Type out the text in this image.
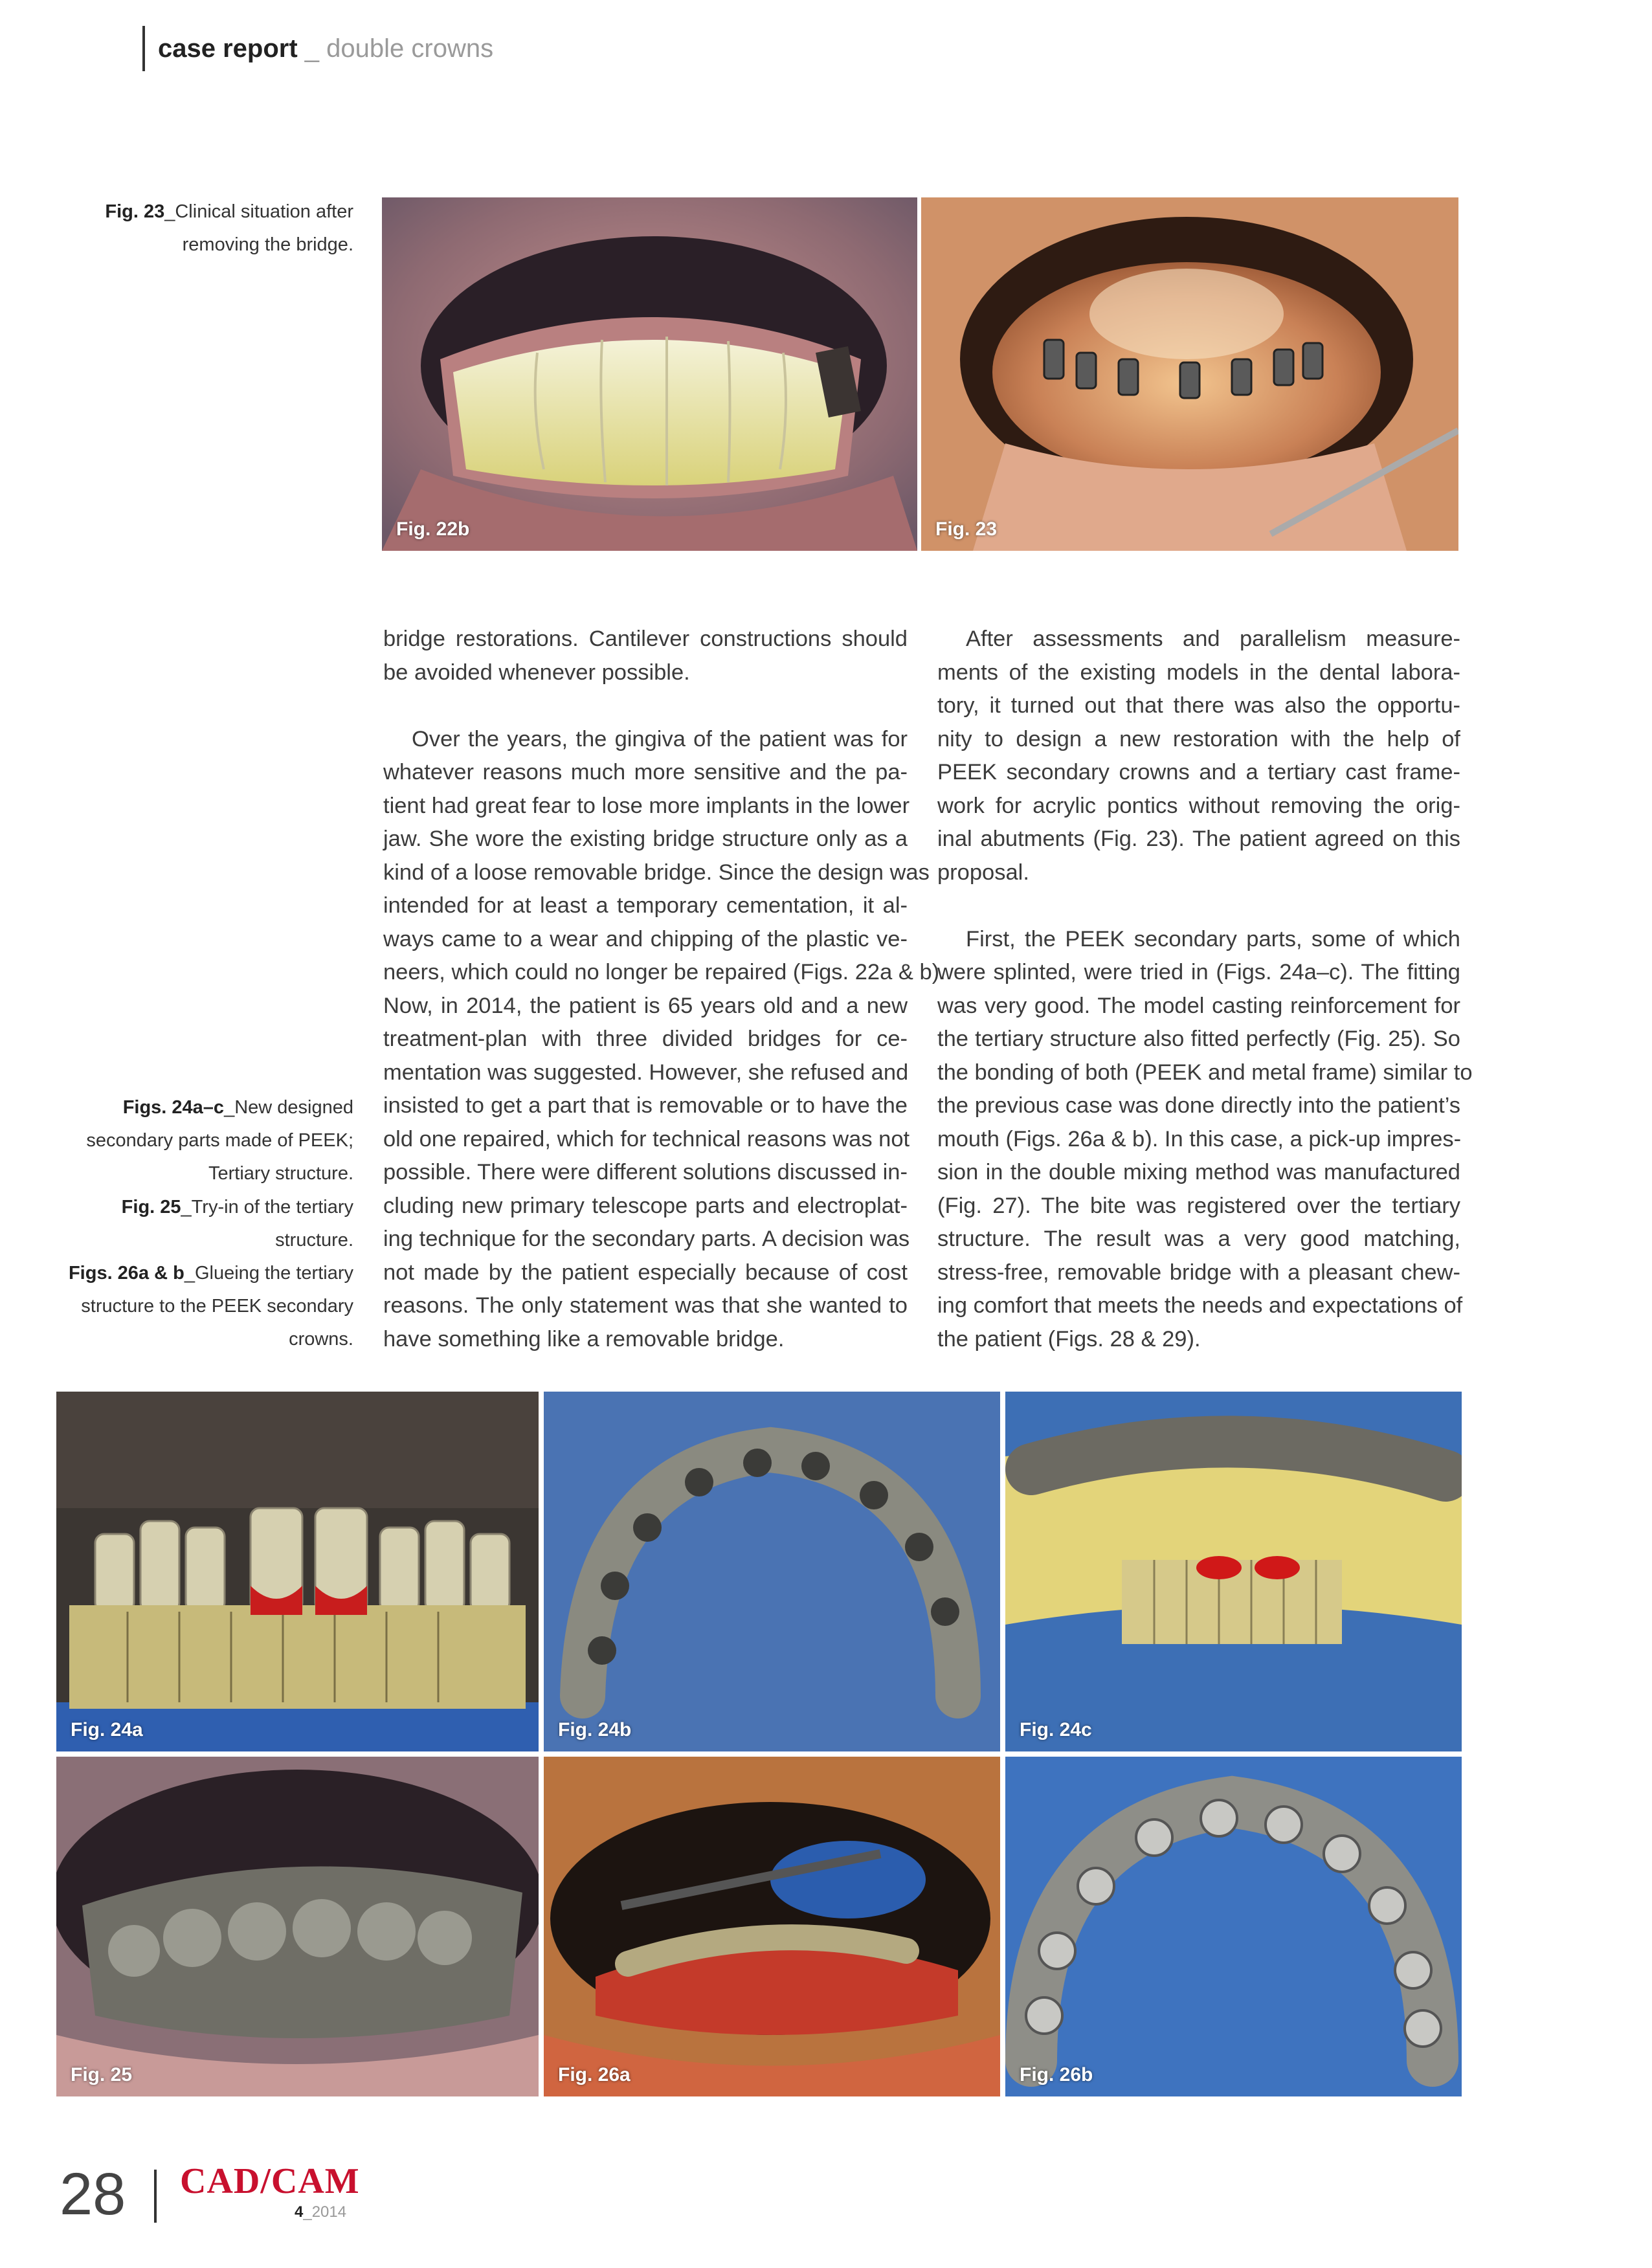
case report _ double crowns
Fig. 23_Clinical situation after
removing the bridge.
Fig. 22b	Fig. 23
bridge restorations. Cantilever constructions should
be avoided whenever possible.

Over the years, the gingiva of the patient was for
whatever reasons much more sensitive and the pa-
tient had great fear to lose more implants in the lower
jaw. She wore the existing bridge structure only as a
kind of a loose removable bridge. Since the design was
intended for at least a temporary cementation, it al-
ways came to a wear and chipping of the plastic ve-
neers, which could no longer be repaired (Figs. 22a & b).
Now, in 2014, the patient is 65 years old and a new
treatment-plan with three divided bridges for ce-
mentation was suggested. However, she refused and
insisted to get a part that is removable or to have the
old one repaired, which for technical reasons was not
possible. There were different solutions discussed in-
cluding new primary telescope parts and electroplat-
ing technique for the secondary parts. A decision was
not made by the patient especially because of cost
reasons. The only statement was that she wanted to
have something like a removable bridge.
After assessments and parallelism measure-
ments of the existing models in the dental labora-
tory, it turned out that there was also the opportu-
nity to design a new restoration with the help of
PEEK secondary crowns and a tertiary cast frame-
work for acrylic pontics without removing the orig-
inal abutments (Fig. 23). The patient agreed on this
proposal.

First, the PEEK secondary parts, some of which
were splinted, were tried in (Figs. 24a–c). The fitting
was very good. The model casting reinforcement for
the tertiary structure also fitted perfectly (Fig. 25). So
the bonding of both (PEEK and metal frame) similar to
the previous case was done directly into the patient’s
mouth (Figs. 26a & b). In this case, a pick-up impres-
sion in the double mixing method was manufactured
(Fig. 27). The bite was registered over the tertiary
structure. The result was a very good matching,
stress-free, removable bridge with a pleasant chew-
ing comfort that meets the needs and expectations of
the patient (Figs. 28 & 29).
Figs. 24a–c_New designed
secondary parts made of PEEK;
Tertiary structure.
Fig. 25_Try-in of the tertiary
structure.
Figs. 26a & b_Glueing the tertiary
structure to the PEEK secondary
crowns.
Fig. 24a	Fig. 24b	Fig. 24c
Fig. 25	Fig. 26a	Fig. 26b
28 CAD/CAM
4_2014
